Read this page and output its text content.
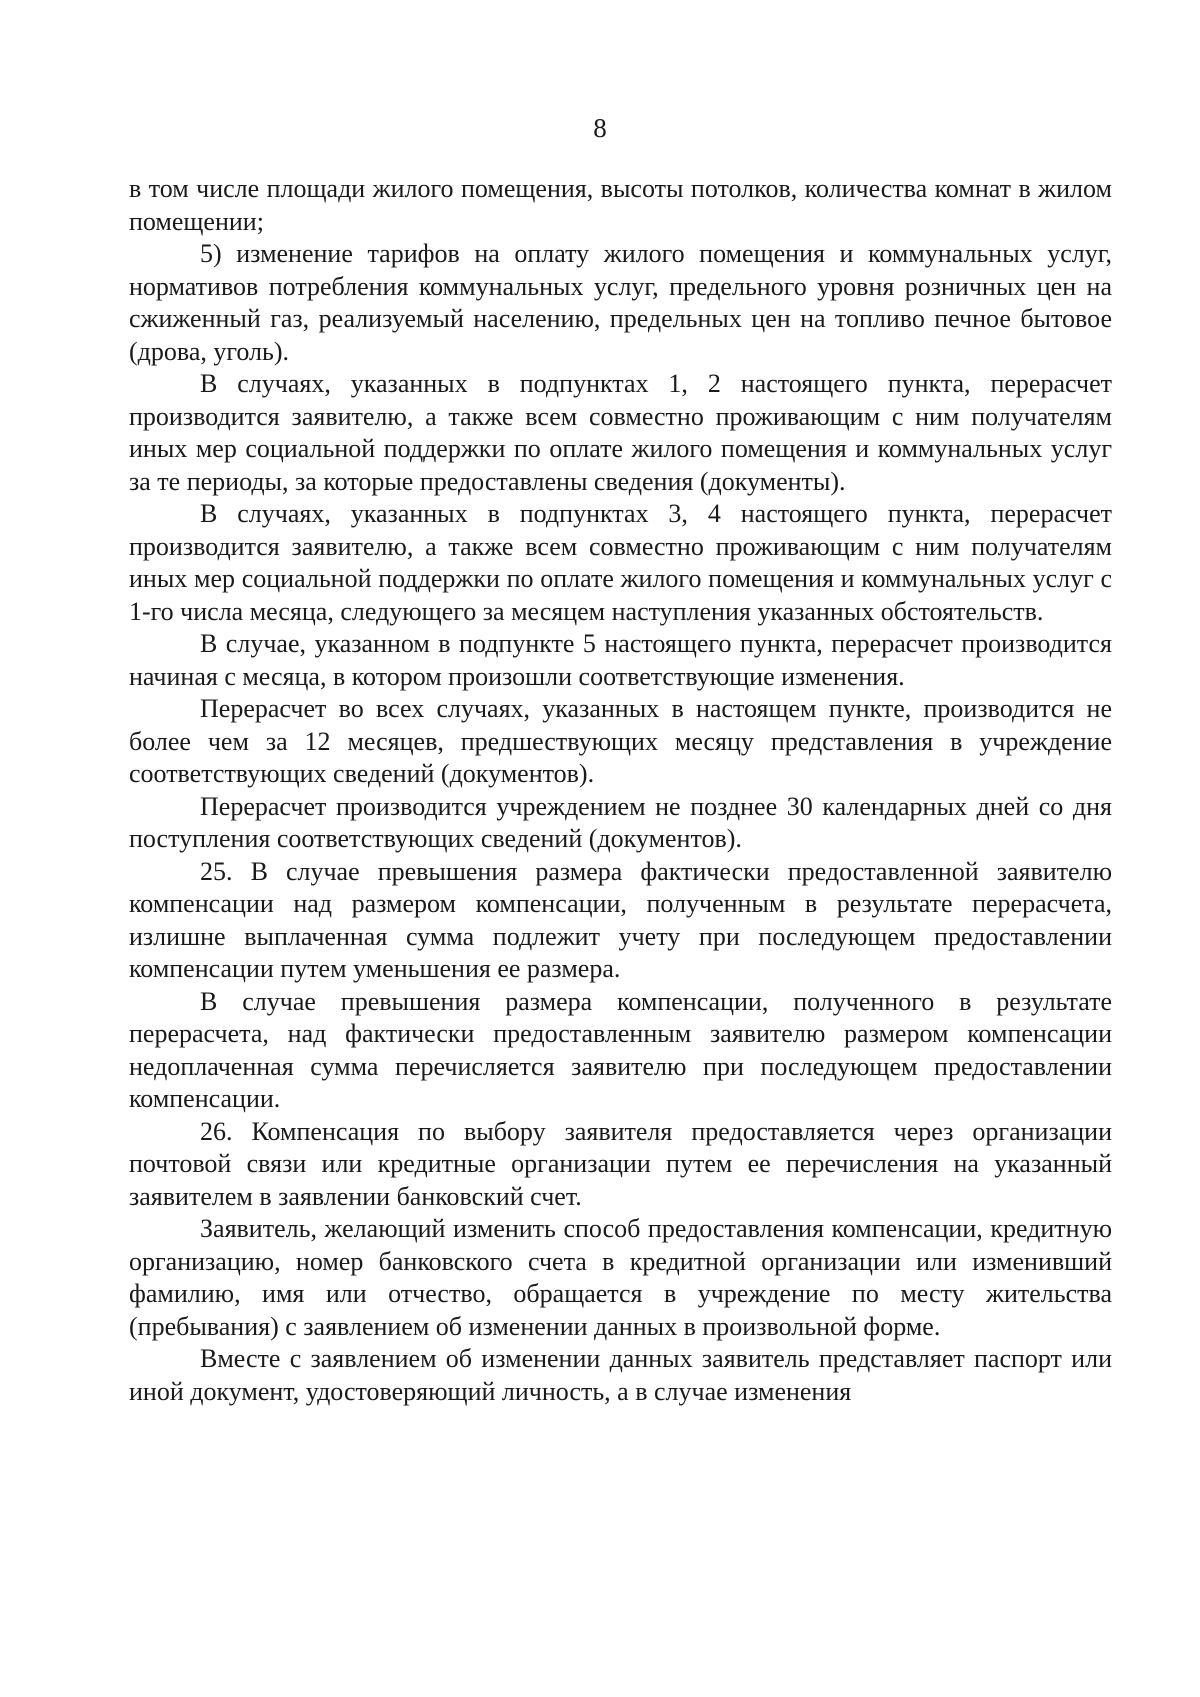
8

в том числе площади жилого помещения, высоты потолков, количества комнат в жилом помещении;

5) изменение тарифов на оплату жилого помещения и коммунальных услуг, нормативов потребления коммунальных услуг, предельного уровня розничных цен на сжиженный газ, реализуемый населению, предельных цен на топливо печное бытовое (дрова, уголь).

В случаях, указанных в подпунктах 1, 2 настоящего пункта, перерасчет производится заявителю, а также всем совместно проживающим с ним получателям иных мер социальной поддержки по оплате жилого помещения и коммунальных услуг за те периоды, за которые предоставлены сведения (документы).

В случаях, указанных в подпунктах 3, 4 настоящего пункта, перерасчет производится заявителю, а также всем совместно проживающим с ним получателям иных мер социальной поддержки по оплате жилого помещения и коммунальных услуг с 1-го числа месяца, следующего за месяцем наступления указанных обстоятельств.

В случае, указанном в подпункте 5 настоящего пункта, перерасчет производится начиная с месяца, в котором произошли соответствующие изменения.

Перерасчет во всех случаях, указанных в настоящем пункте, производится не более чем за 12 месяцев, предшествующих месяцу представления в учреждение соответствующих сведений (документов).

Перерасчет производится учреждением не позднее 30 календарных дней со дня поступления соответствующих сведений (документов).

25. В случае превышения размера фактически предоставленной заявителю компенсации над размером компенсации, полученным в результате перерасчета, излишне выплаченная сумма подлежит учету при последующем предоставлении компенсации путем уменьшения ее размера.

В случае превышения размера компенсации, полученного в результате перерасчета, над фактически предоставленным заявителю размером компенсации недоплаченная сумма перечисляется заявителю при последующем предоставлении компенсации.

26. Компенсация по выбору заявителя предоставляется через организации почтовой связи или кредитные организации путем ее перечисления на указанный заявителем в заявлении банковский счет.

Заявитель, желающий изменить способ предоставления компенсации, кредитную организацию, номер банковского счета в кредитной организации или изменивший фамилию, имя или отчество, обращается в учреждение по месту жительства (пребывания) с заявлением об изменении данных в произвольной форме.

Вместе с заявлением об изменении данных заявитель представляет паспорт или иной документ, удостоверяющий личность, а в случае изменения
